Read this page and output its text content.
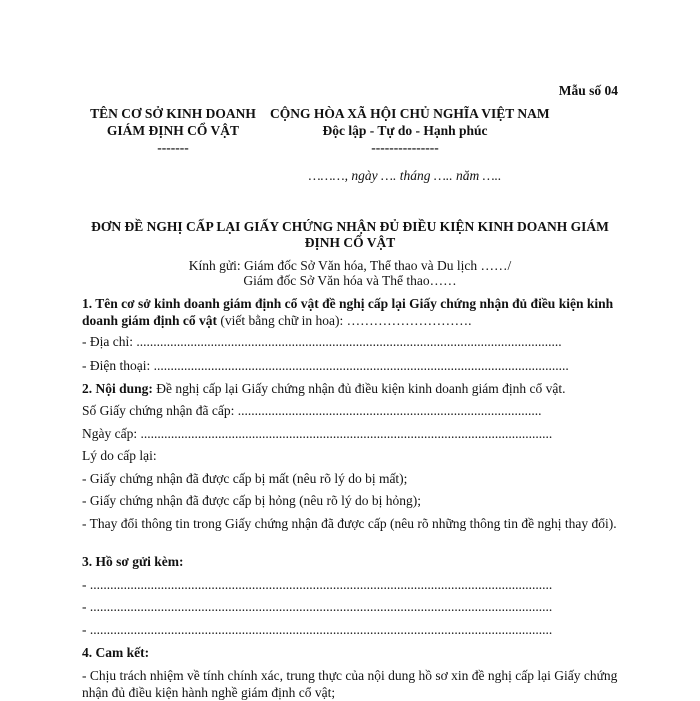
Mẫu số 04
TÊN CƠ SỞ KINH DOANH
GIÁM ĐỊNH CỔ VẬT
-------
CỘNG HÒA XÃ HỘI CHỦ NGHĨA VIỆT NAM
Độc lập - Tự do - Hạnh phúc
---------------
………, ngày …. tháng ….. năm …..
ĐƠN ĐỀ NGHỊ CẤP LẠI GIẤY CHỨNG NHẬN ĐỦ ĐIỀU KIỆN KINH DOANH GIÁM ĐỊNH CỔ VẬT
Kính gửi: Giám đốc Sở Văn hóa, Thể thao và Du lịch ……/
Giám đốc Sở Văn hóa và Thể thao……
1. Tên cơ sở kinh doanh giám định cổ vật đề nghị cấp lại Giấy chứng nhận đủ điều kiện kinh doanh giám định cổ vật (viết bằng chữ in hoa): ……………………….
- Địa chỉ: ..............................................................................................................................
- Điện thoại: ...........................................................................................................................
2. Nội dung: Đề nghị cấp lại Giấy chứng nhận đủ điều kiện kinh doanh giám định cổ vật.
Số Giấy chứng nhận đã cấp: ..........................................................................................
Ngày cấp: ..........................................................................................................................
Lý do cấp lại:
- Giấy chứng nhận đã được cấp bị mất (nêu rõ lý do bị mất);
- Giấy chứng nhận đã được cấp bị hỏng (nêu rõ lý do bị hỏng);
- Thay đổi thông tin trong Giấy chứng nhận đã được cấp (nêu rõ những thông tin đề nghị thay đổi).
3. Hồ sơ gửi kèm:
- .........................................................................................................................................
- .........................................................................................................................................
- .........................................................................................................................................
4. Cam kết:
- Chịu trách nhiệm về tính chính xác, trung thực của nội dung hồ sơ xin đề nghị cấp lại Giấy chứng nhận đủ điều kiện hành nghề giám định cổ vật;
